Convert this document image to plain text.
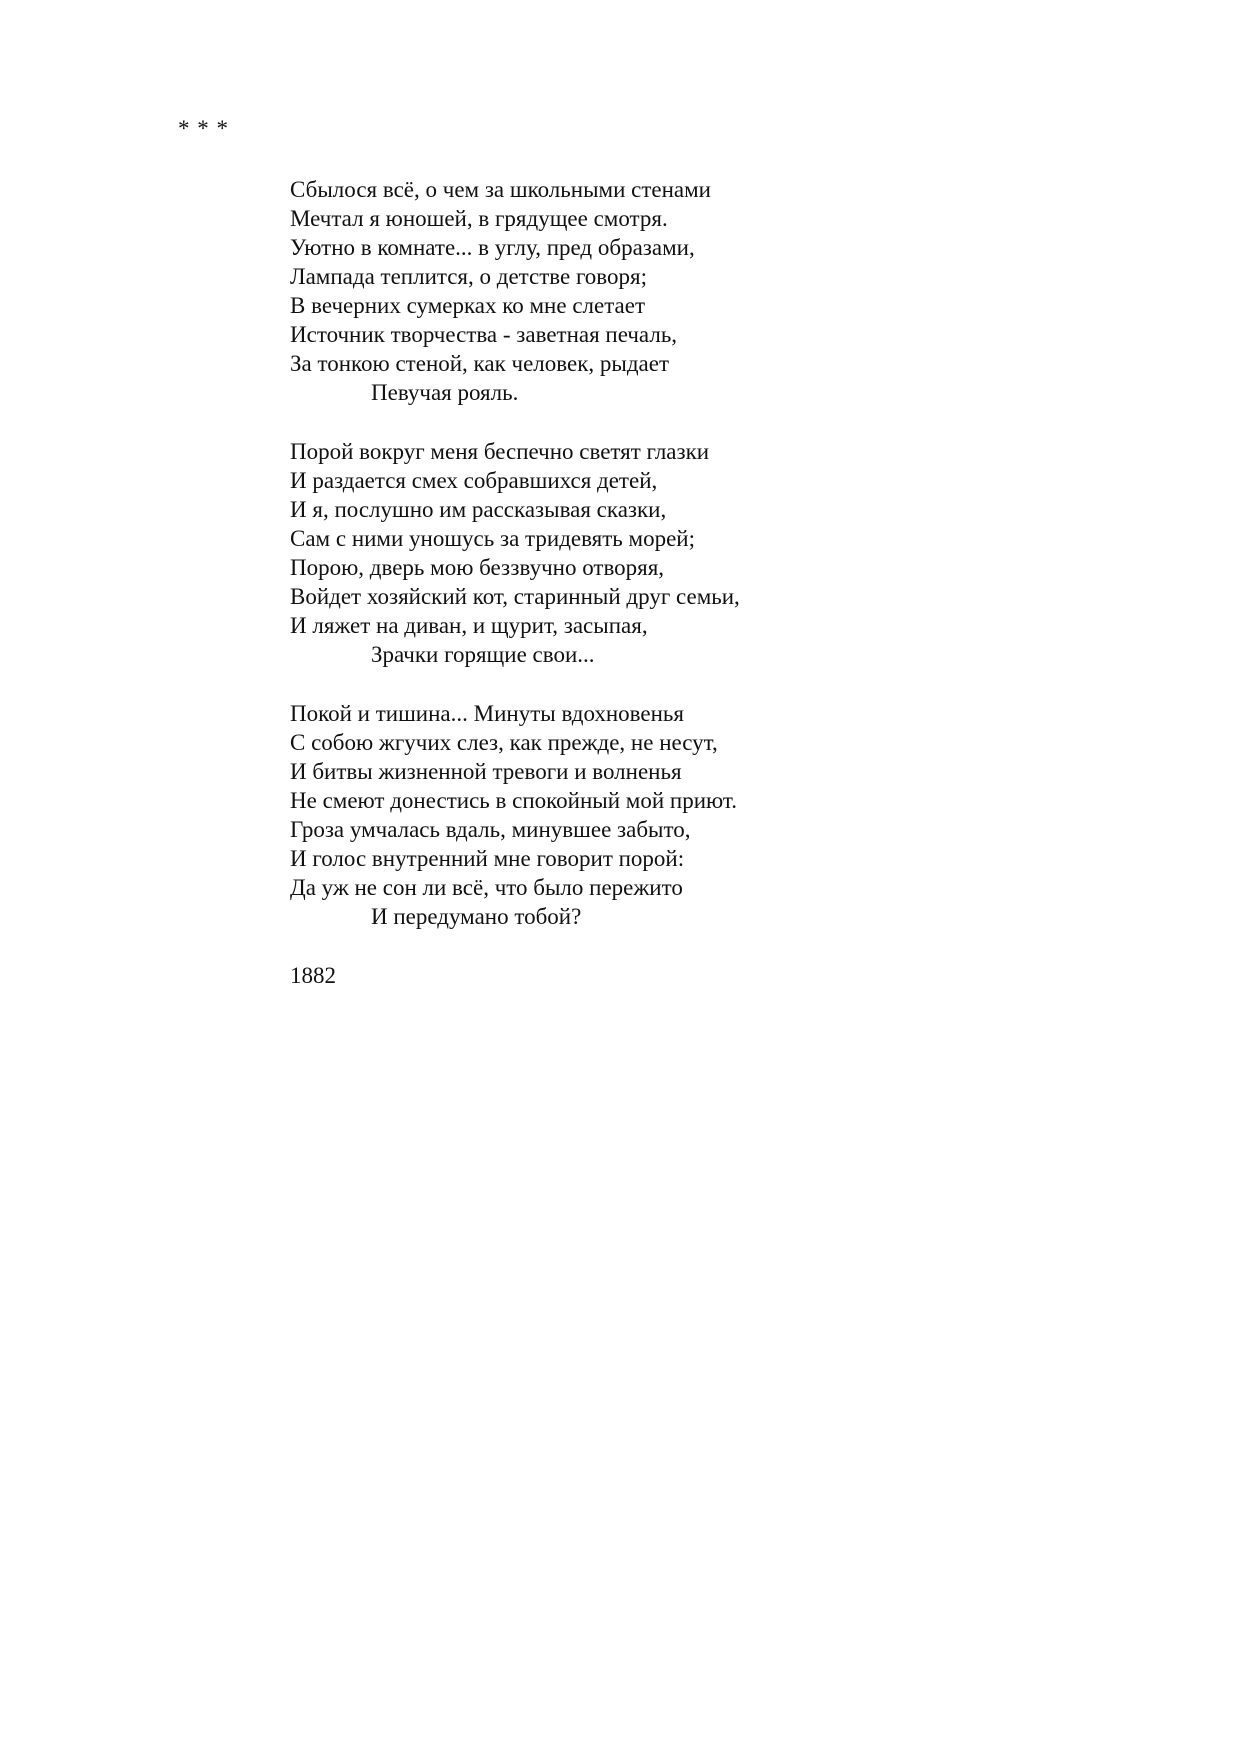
* * *
Сбылося всё, о чем за школьными стенами
Мечтал я юношей, в грядущее смотря.
Уютно в комнате... в углу, пред образами,
Лампада теплится, о детстве говоря;
В вечерних сумерках ко мне слетает
Источник творчества - заветная печаль,
За тонкою стеной, как человек, рыдает
Певучая рояль.
Порой вокруг меня беспечно светят глазки
И раздается смех собравшихся детей,
И я, послушно им рассказывая сказки,
Сам с ними уношусь за тридевять морей;
Порою, дверь мою беззвучно отворяя,
Войдет хозяйский кот, старинный друг семьи,
И ляжет на диван, и щурит, засыпая,
Зрачки горящие свои...
Покой и тишина... Минуты вдохновенья
С собою жгучих слез, как прежде, не несут,
И битвы жизненной тревоги и волненья
Не смеют донестись в спокойный мой приют.
Гроза умчалась вдаль, минувшее забыто,
И голос внутренний мне говорит порой:
Да уж не сон ли всё, что было пережито
И передумано тобой?
1882
